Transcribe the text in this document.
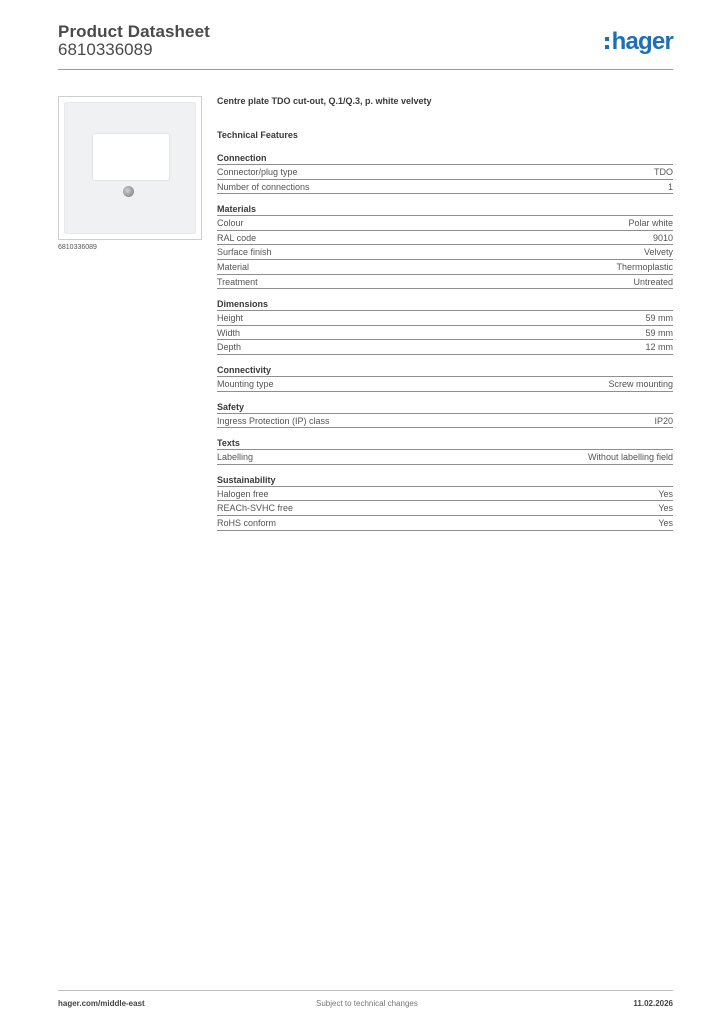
Product Datasheet
6810336089	hager
6810336089
Centre plate TDO cut-out, Q.1/Q.3, p. white velvety
Technical Features
Connection
Connector/plug type	TDO
Number of connections	1
Materials
Colour	Polar white
RAL code	9010
Surface finish	Velvety
Material	Thermoplastic
Treatment	Untreated
Dimensions
Height	59 mm
Width	59 mm
Depth	12 mm
Connectivity
Mounting type	Screw mounting
Safety
Ingress Protection (IP) class	IP20
Texts
Labelling	Without labelling field
Sustainability
Halogen free	Yes
REACh-SVHC free	Yes
RoHS conform	Yes
hager.com/middle-east	Subject to technical changes	11.02.2026
